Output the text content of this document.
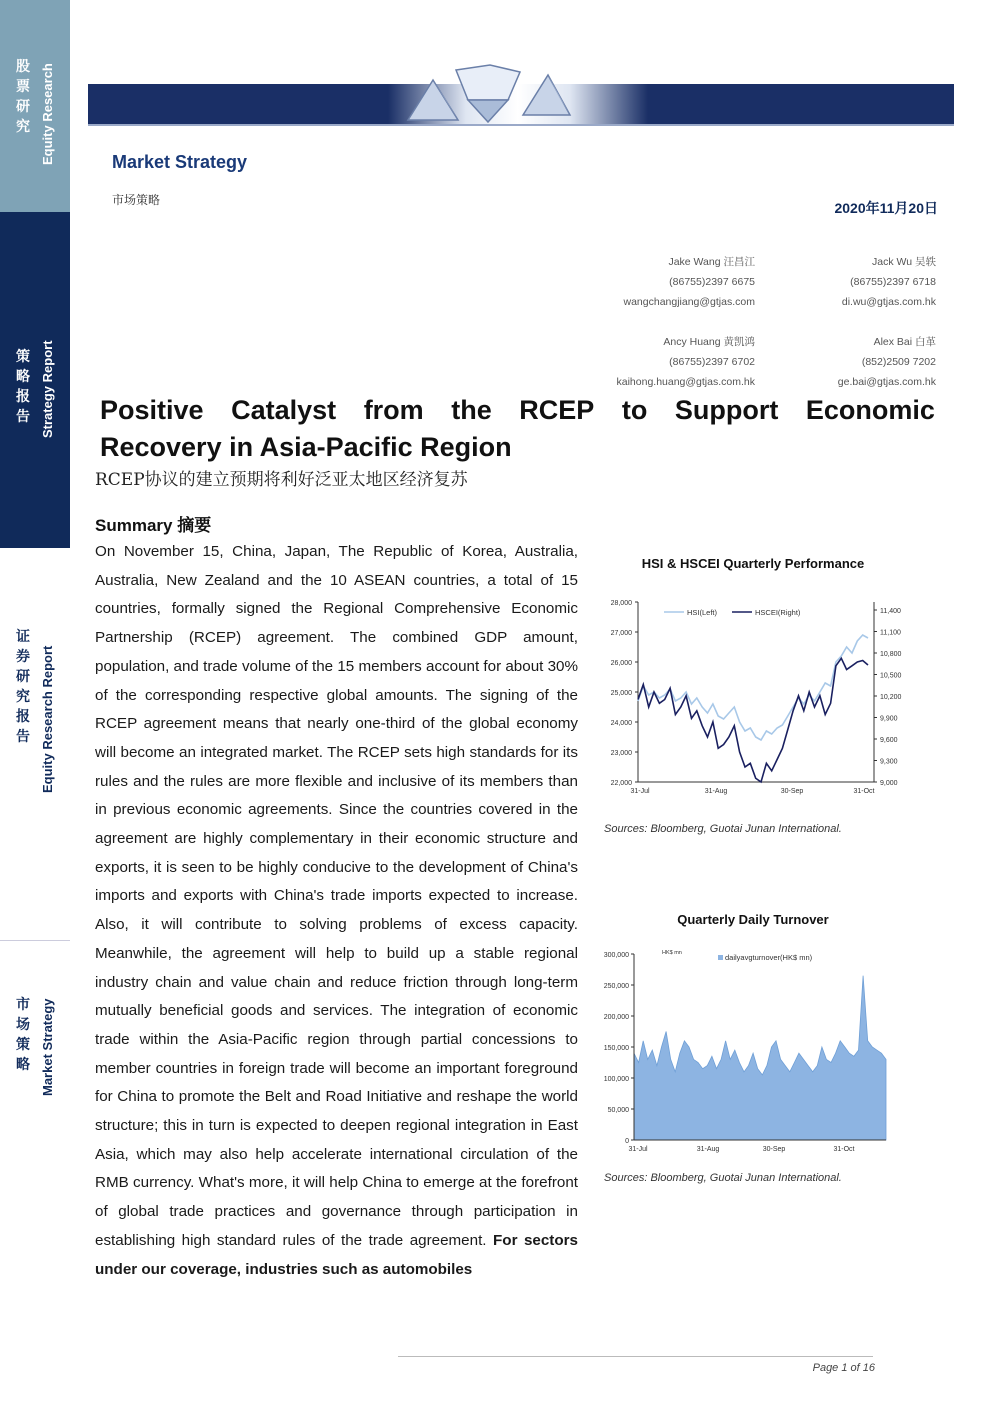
股票研究 Equity Research
策略报告 Strategy Report
证券研究报告 Equity Research Report
市场策略 Market Strategy
Market Strategy
市场策略	2020年11月20日
Jake Wang 汪昌江
(86755)2397 6675
wangchangjiang@gtjas.com
Jack Wu 吴轶
(86755)2397 6718
di.wu@gtjas.com.hk
Ancy Huang 黄凯鸿
(86755)2397 6702
kaihong.huang@gtjas.com.hk
Alex Bai 白革
(852)2509 7202
ge.bai@gtjas.com.hk
Positive Catalyst from the RCEP to Support Economic
Recovery in Asia-Pacific Region
RCEP协议的建立预期将利好泛亚太地区经济复苏
Summary 摘要
On November 15, China, Japan, The Republic of Korea, Australia, Australia, New Zealand and the 10 ASEAN countries, a total of 15 countries, formally signed the Regional Comprehensive Economic Partnership (RCEP) agreement. The combined GDP amount, population, and trade volume of the 15 members account for about 30% of the corresponding respective global amounts. The signing of the RCEP agreement means that nearly one-third of the global economy will become an integrated market. The RCEP sets high standards for its rules and the rules are more flexible and inclusive of its members than in previous economic agreements. Since the countries covered in the agreement are highly complementary in their economic structure and exports, it is seen to be highly conducive to the development of China's imports and exports with China's trade imports expected to increase. Also, it will contribute to solving problems of excess capacity. Meanwhile, the agreement will help to build up a stable regional industry chain and value chain and reduce friction through long-term mutually beneficial goods and services. The integration of economic trade within the Asia-Pacific region through partial concessions to member countries in foreign trade will become an important foreground for China to promote the Belt and Road Initiative and reshape the world structure; this in turn is expected to deepen regional integration in East Asia, which may also help accelerate international circulation of the RMB currency. What's more, it will help China to emerge at the forefront of global trade practices and governance through participation in establishing high standard rules of the trade agreement. For sectors under our coverage, industries such as automobiles
HSI & HSCEI Quarterly Performance
28,000
27,000
26,000
25,000
24,000
23,000
22,000
11,400
11,100
10,800
10,500
10,200
9,900
9,600
9,300
9,000
31-Jul	31-Aug	30-Sep	31-Oct
HSI(Left)	HSCEI(Right)
Sources: Bloomberg, Guotai Junan International.
Quarterly Daily Turnover
300,000
250,000
200,000
150,000
100,000
50,000
0
HK$ mn
31-Jul	31-Aug	30-Sep	31-Oct
dailyavgturnover(HK$ mn)
Sources: Bloomberg, Guotai Junan International.
Page 1 of 16
